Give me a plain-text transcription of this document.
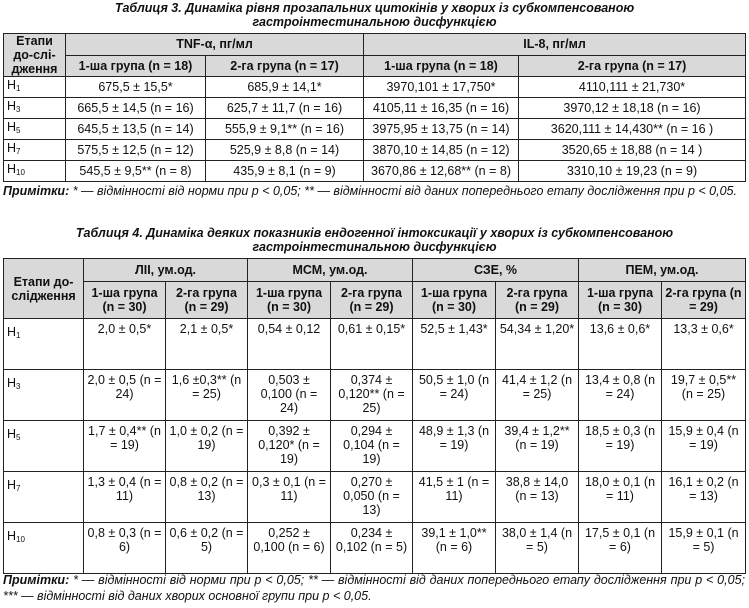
Таблиця 3. Динаміка рівня прозапальних цитокінів у хворих із субкомпенсованою
гастроінтестинальною дисфункцією
Етапи до-слі-дження	TNF-α, пг/мл		IL-8, пг/мл	
	1-ша група (n = 18)	2-га група (n = 17)	1-ша група (n = 18)	2-га група (n = 17)
$H_1$	675,5 ± 15,5*	685,9 ± 14,1*	3970,101 ± 17,750*	4110,111 ± 21,730*
$H_3$	665,5 ± 14,5 (n = 16)	625,7 ± 11,7 (n = 16)	4105,11 ± 16,35 (n = 16)	3970,12 ± 18,18 (n = 16)
$H_5$	645,5 ± 13,5 (n = 14)	555,9 ± 9,1** (n = 16)	3975,95 ± 13,75 (n = 14)	3620,111 ± 14,430** (n = 16 )
$H_7$	575,5 ± 12,5 (n = 12)	525,9 ± 8,8 (n = 14)	3870,10 ± 14,85 (n = 12)	3520,65 ± 18,88 (n = 14 )
$H_{10}$	545,5 ± 9,5** (n = 8)	435,9 ± 8,1 (n = 9)	3670,86 ± 12,68** (n = 8)	3310,10 ± 19,23 (n = 9)
Примітки: * — відмінності від норми при р < 0,05; ** — відмінності від даних попереднього етапу дослідження при р < 0,05.
Таблиця 4. Динаміка деяких показників ендогенної інтоксикації у хворих із субкомпенсованою
гастроінтестинальною дисфункцією
Етапи до-слідження	ЛІІ, ум.од.		МСМ, ум.од.		СЗЕ, %		ПЕМ, ум.од.	
	1-ша група (n = 30)	2-га група (n = 29)	1-ша група (n = 30)	2-га група (n = 29)	1-ша група (n = 30)	2-га група (n = 29)	1-ша група (n = 30)	2-га група (n = 29)
$H_1$	2,0 ± 0,5*	2,1 ± 0,5*	0,54 ± 0,12	0,61 ± 0,15*	52,5 ± 1,43*	54,34 ± 1,20*	13,6 ± 0,6*	13,3 ± 0,6*
$H_3$	2,0 ± 0,5 (n = 24)	1,6 ±0,3** (n = 25)	0,503 ± 0,100 (n = 24)	0,374 ± 0,120** (n = 25)	50,5 ± 1,0 (n = 24)	41,4 ± 1,2 (n = 25)	13,4 ± 0,8 (n = 24)	19,7 ± 0,5** (n = 25)
$H_5$	1,7 ± 0,4** (n = 19)	1,0 ± 0,2 (n = 19)	0,392 ± 0,120* (n = 19)	0,294 ± 0,104 (n = 19)	48,9 ± 1,3 (n = 19)	39,4 ± 1,2** (n = 19)	18,5 ± 0,3 (n = 19)	15,9 ± 0,4 (n = 19)
$H_7$	1,3 ± 0,4 (n = 11)	0,8 ± 0,2 (n = 13)	0,3 ± 0,1 (n = 11)	0,270 ± 0,050 (n = 13)	41,5 ± 1 (n = 11)	38,8 ± 14,0 (n = 13)	18,0 ± 0,1 (n = 11)	16,1 ± 0,2 (n = 13)
$H_{10}$	0,8 ± 0,3 (n = 6)	0,6 ± 0,2 (n = 5)	0,252 ± 0,100 (n = 6)	0,234 ± 0,102 (n = 5)	39,1 ± 1,0** (n = 6)	38,0 ± 1,4 (n = 5)	17,5 ± 0,1 (n = 6)	15,9 ± 0,1 (n = 5)
Примітки: * — відмінності від норми при р < 0,05; ** — відмінності від даних попереднього етапу дослідження при р < 0,05; *** — відмінності від даних хворих основної групи при р < 0,05.
